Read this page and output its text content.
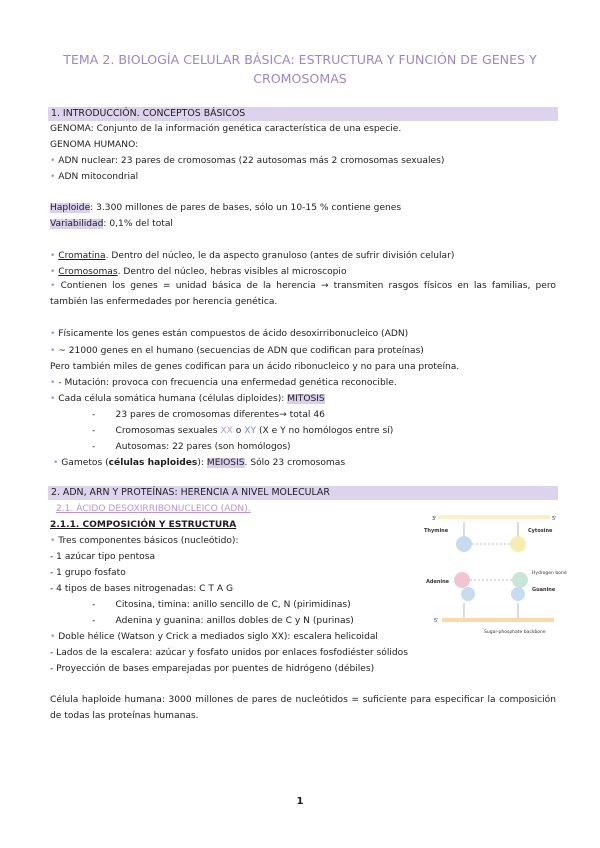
TEMA 2. BIOLOGÍA CELULAR BÁSICA: ESTRUCTURA Y FUNCIÓN DE GENES Y CROMOSOMAS
1. INTRODUCCIÓN. CONCEPTOS BÁSICOS
GENOMA: Conjunto de la información genética característica de una especie.
GENOMA HUMANO:
• ADN nuclear: 23 pares de cromosomas (22 autosomas más 2 cromosomas sexuales)
• ADN mitocondrial
Haploide: 3.300 millones de pares de bases, sólo un 10-15 % contiene genes
Variabilidad: 0,1% del total
• Cromatina. Dentro del núcleo, le da aspecto granuloso (antes de sufrir división celular)
• Cromosomas. Dentro del núcleo, hebras visibles al microscopio
• Contienen los genes = unidad básica de la herencia → transmiten rasgos físicos en las familias, pero también las enfermedades por herencia genética.
• Físicamente los genes están compuestos de ácido desoxirribonucleico (ADN)
• ~ 21000 genes en el humano (secuencias de ADN que codifican para proteínas)
Pero también miles de genes codifican para un ácido ribonucleico y no para una proteína.
• - Mutación: provoca con frecuencia una enfermedad genética reconocible.
• Cada célula somática humana (células diploides): MITOSIS
-       23 pares de cromosomas diferentes→ total 46
-       Cromosomas sexuales XX o XY (X e Y no homólogos entre sí)
-       Autosomas: 22 pares (son homólogos)
• Gametos (células haploides): MEIOSIS. Sólo 23 cromosomas
2. ADN, ARN Y PROTEÍNAS: HERENCIA A NIVEL MOLECULAR
2.1. ÁCIDO DESOXIRRIBONUCLEICO (ADN).
2.1.1. COMPOSICIÓN Y ESTRUCTURA
• Tres componentes básicos (nucleótido):
- 1 azúcar tipo pentosa
- 1 grupo fosfato
- 4 tipos de bases nitrogenadas: C T A G
-       Citosina, timina: anillo sencillo de C, N (pirimidinas)
-       Adenina y guanina: anillos dobles de C y N (purinas)
• Doble hélice (Watson y Crick a mediados siglo XX): escalera helicoidal
- Lados de la escalera: azúcar y fosfato unidos por enlaces fosfodiéster sólidos
- Proyección de bases emparejadas por puentes de hidrógeno (débiles)
Célula haploide humana: 3000 millones de pares de nucleótidos = suficiente para especificar la composición de todas las proteínas humanas.
3'	5'
5'
Thymine	Cytosine
Adenine
Guanine
Hydrogen bond
Sugar-phosphate backbone
1
